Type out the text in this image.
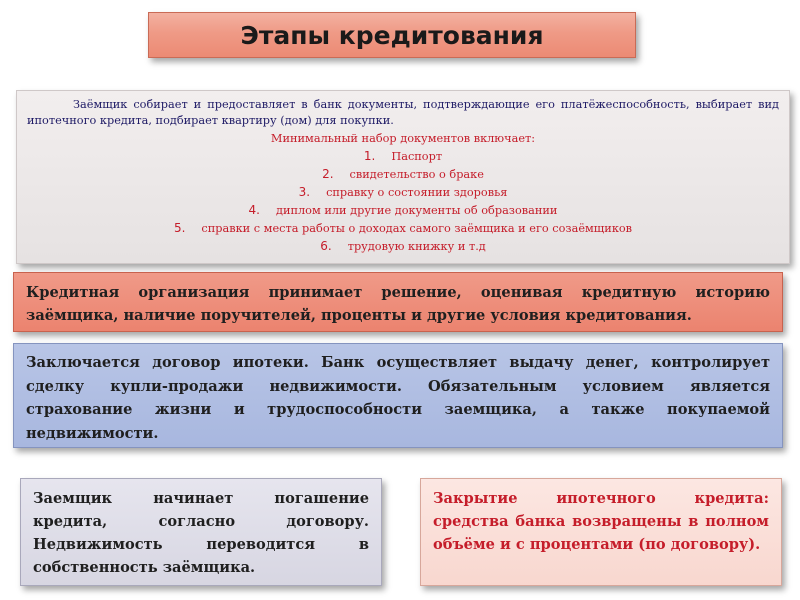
Этапы кредитования

Заёмщик собирает и предоставляет в банк документы, подтверждающие его платёжеспособность, выбирает вид ипотечного кредита, подбирает квартиру (дом) для покупки.

Минимальный набор документов включает:

1. Паспорт
2. свидетельство о браке
3. справку о состоянии здоровья
4. диплом или другие документы об образовании
5. справки с места работы о доходах самого заёмщика и его созаёмщиков
6. трудовую книжку и т.д
Кредитная организация принимает решение, оценивая кредитную историю заёмщика, наличие поручителей, проценты и другие условия кредитования.
Заключается договор ипотеки. Банк осуществляет выдачу денег, контролирует сделку купли-продажи недвижимости. Обязательным условием является страхование жизни и трудоспособности заемщика, а также покупаемой недвижимости.
Заемщик начинает погашение кредита, согласно договору. Недвижимость переводится в собственность заёмщика.
Закрытие ипотечного кредита: средства банка возвращены в полном объёме и с процентами (по договору).
